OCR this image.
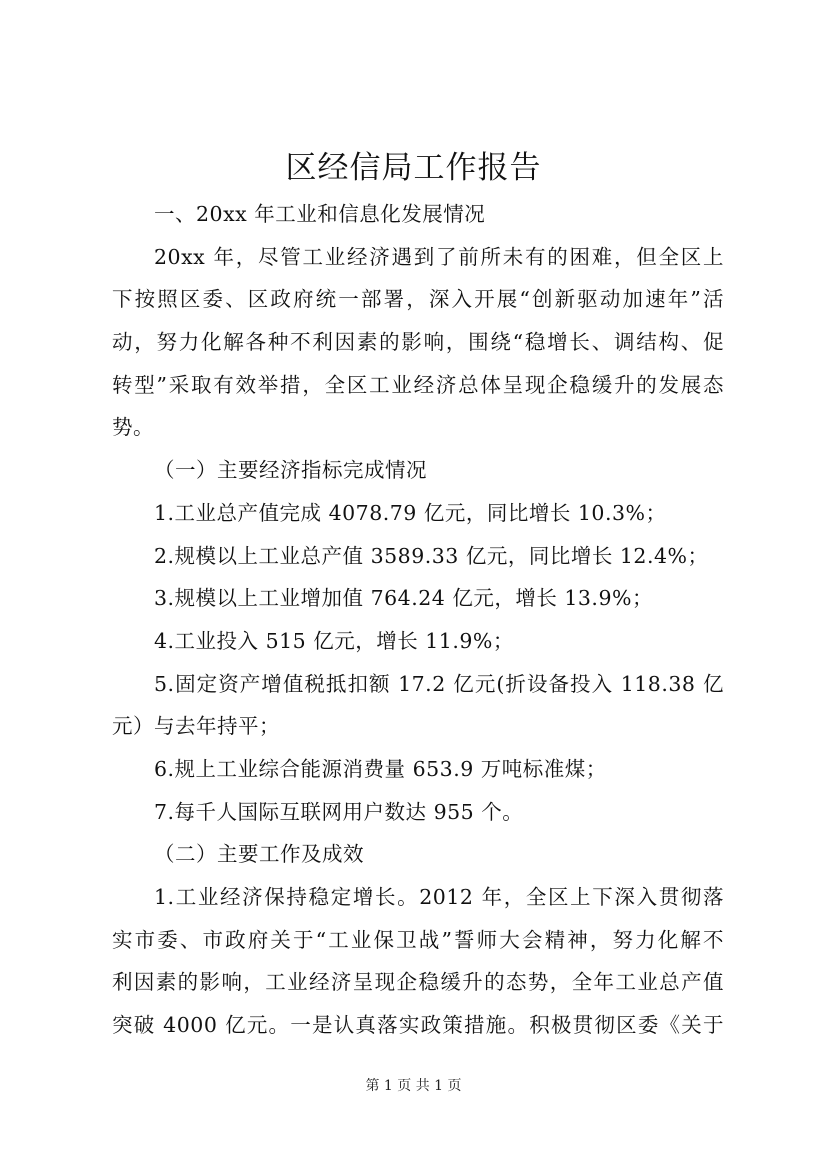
区经信局工作报告
一、20xx 年工业和信息化发展情况
20xx 年，尽管工业经济遇到了前所未有的困难，但全区上
下按照区委、区政府统一部署，深入开展“创新驱动加速年”活
动，努力化解各种不利因素的影响，围绕“稳增长、调结构、促
转型”采取有效举措，全区工业经济总体呈现企稳缓升的发展态
势。
（一）主要经济指标完成情况
1.工业总产值完成 4078.79 亿元，同比增长 10.3%；
2.规模以上工业总产值 3589.33 亿元，同比增长 12.4%；
3.规模以上工业增加值 764.24 亿元，增长 13.9%；
4.工业投入 515 亿元，增长 11.9%；
5.固定资产增值税抵扣额 17.2 亿元(折设备投入 118.38 亿
元）与去年持平；
6.规上工业综合能源消费量 653.9 万吨标准煤；
7.每千人国际互联网用户数达 955 个。
（二）主要工作及成效
1.工业经济保持稳定增长。2012 年，全区上下深入贯彻落
实市委、市政府关于“工业保卫战”誓师大会精神，努力化解不
利因素的影响，工业经济呈现企稳缓升的态势，全年工业总产值
突破 4000 亿元。一是认真落实政策措施。积极贯彻区委《关于
第 1 页 共 1 页
